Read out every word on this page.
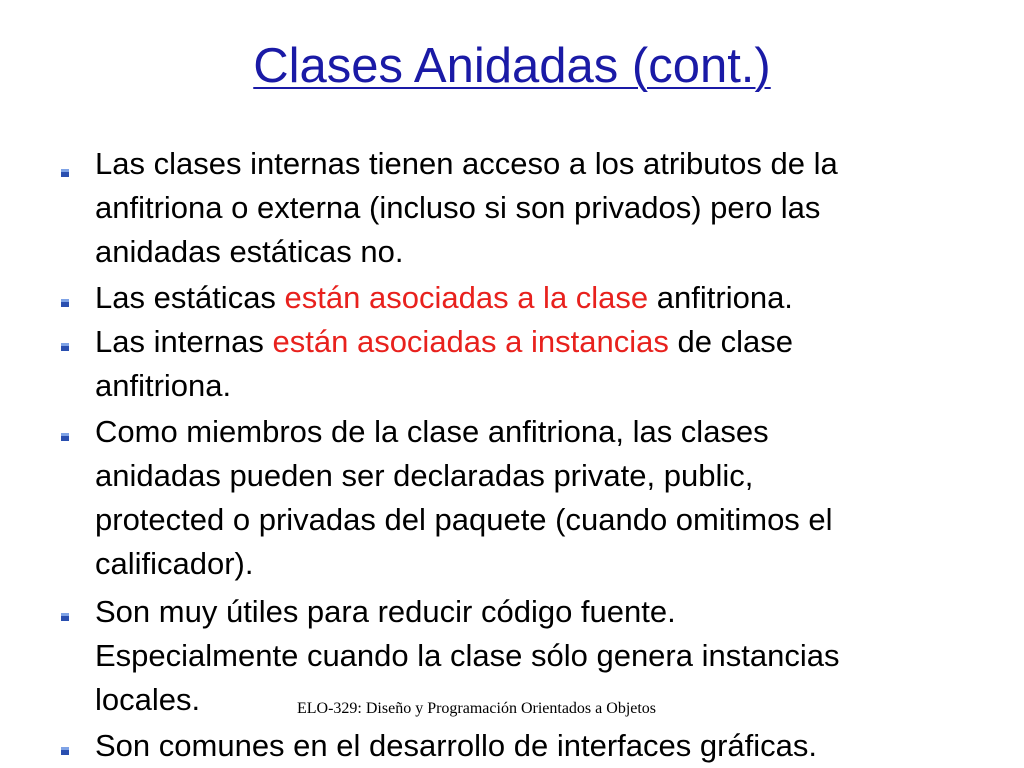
Clases Anidadas (cont.)
Las clases internas tienen acceso a los atributos de la
anfitriona o externa (incluso si son privados) pero las
anidadas estáticas no.
Las estáticas están asociadas a la clase anfitriona.
Las internas están asociadas a instancias de clase
anfitriona.
Como miembros de la clase anfitriona, las clases
anidadas pueden ser declaradas private, public,
protected o privadas del paquete (cuando omitimos el
calificador).
Son muy útiles para reducir código fuente.
Especialmente cuando la clase sólo genera instancias
locales.
Son comunes en el desarrollo de interfaces gráficas.
ELO-329: Diseño y Programación Orientados a Objetos
